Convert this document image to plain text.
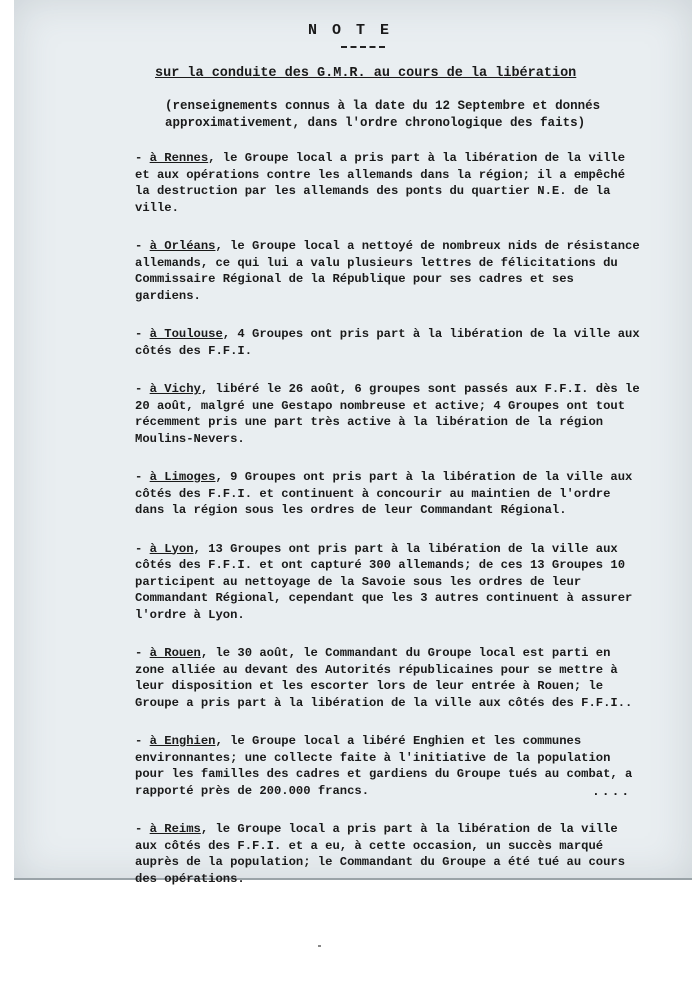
N O T E
sur la conduite des G.M.R. au cours de la libération
(renseignements connus à la date du 12 Septembre et donnés approximativement, dans l'ordre chronologique des faits)

- à Rennes, le Groupe local a pris part à la libération de la ville et aux opérations contre les allemands dans la région; il a empêché la destruction par les allemands des ponts du quartier N.E. de la ville.

- à Orléans, le Groupe local a nettoyé de nombreux nids de résistance allemands, ce qui lui a valu plusieurs lettres de félicitations du Commissaire Régional de la République pour ses cadres et ses gardiens.

- à Toulouse, 4 Groupes ont pris part à la libération de la ville aux côtés des F.F.I.

- à Vichy, libéré le 26 août, 6 groupes sont passés aux F.F.I. dès le 20 août, malgré une Gestapo nombreuse et active; 4 Groupes ont tout récemment pris une part très active à la libération de la région Moulins-Nevers.

- à Limoges, 9 Groupes ont pris part à la libération de la ville aux côtés des F.F.I. et continuent à concourir au maintien de l'ordre dans la région sous les ordres de leur Commandant Régional.

- à Lyon, 13 Groupes ont pris part à la libération de la ville aux côtés des F.F.I. et ont capturé 300 allemands; de ces 13 Groupes 10 participent au nettoyage de la Savoie sous les ordres de leur Commandant Régional, cependant que les 3 autres continuent à assurer l'ordre à Lyon.

- à Rouen, le 30 août, le Commandant du Groupe local est parti en zone alliée au devant des Autorités républicaines pour se mettre à leur disposition et les escorter lors de leur entrée à Rouen; le Groupe a pris part à la libération de la ville aux côtés des F.F.I..

- à Enghien, le Groupe local a libéré Enghien et les communes environnantes; une collecte faite à l'initiative de la population pour les familles des cadres et gardiens du Groupe tués au combat, a rapporté près de 200.000 francs.

- à Reims, le Groupe local a pris part à la libération de la ville aux côtés des F.F.I. et a eu, à cette occasion, un succès marqué auprès de la population; le Commandant du Groupe a été tué au cours des opérations.

....
